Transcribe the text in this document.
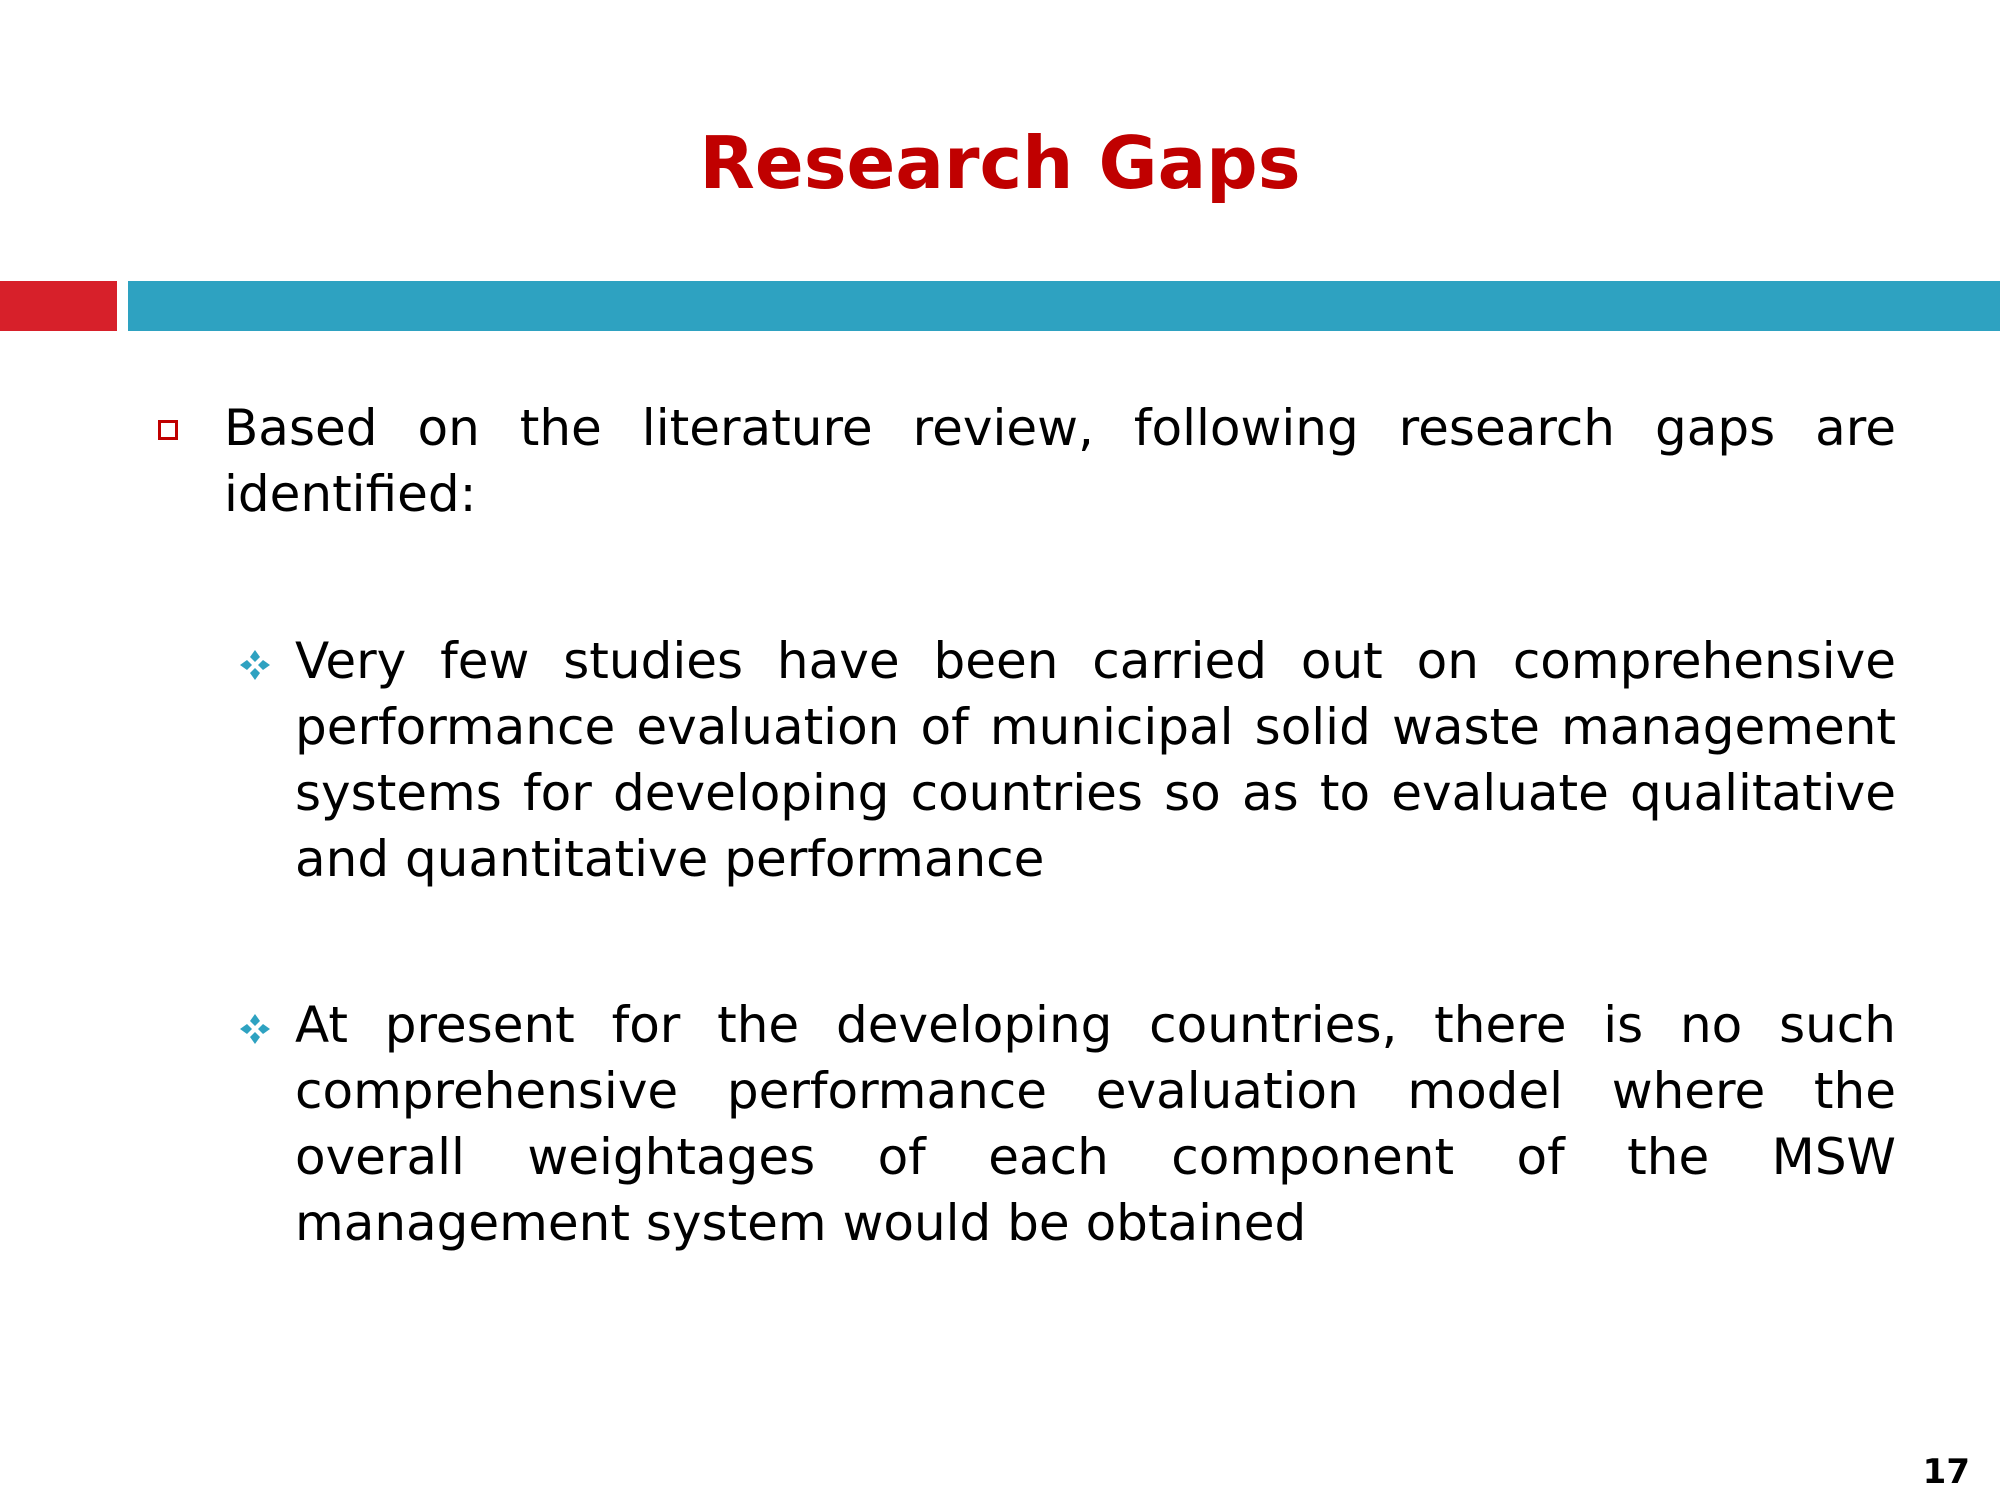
Research Gaps
Based on the literature review, following research gaps are identified:
Very few studies have been carried out on comprehensive performance evaluation of municipal solid waste management systems for developing countries so as to evaluate qualitative and quantitative performance
At present for the developing countries, there is no such comprehensive performance evaluation model where the overall weightages of each component of the MSW management system would be obtained
17
